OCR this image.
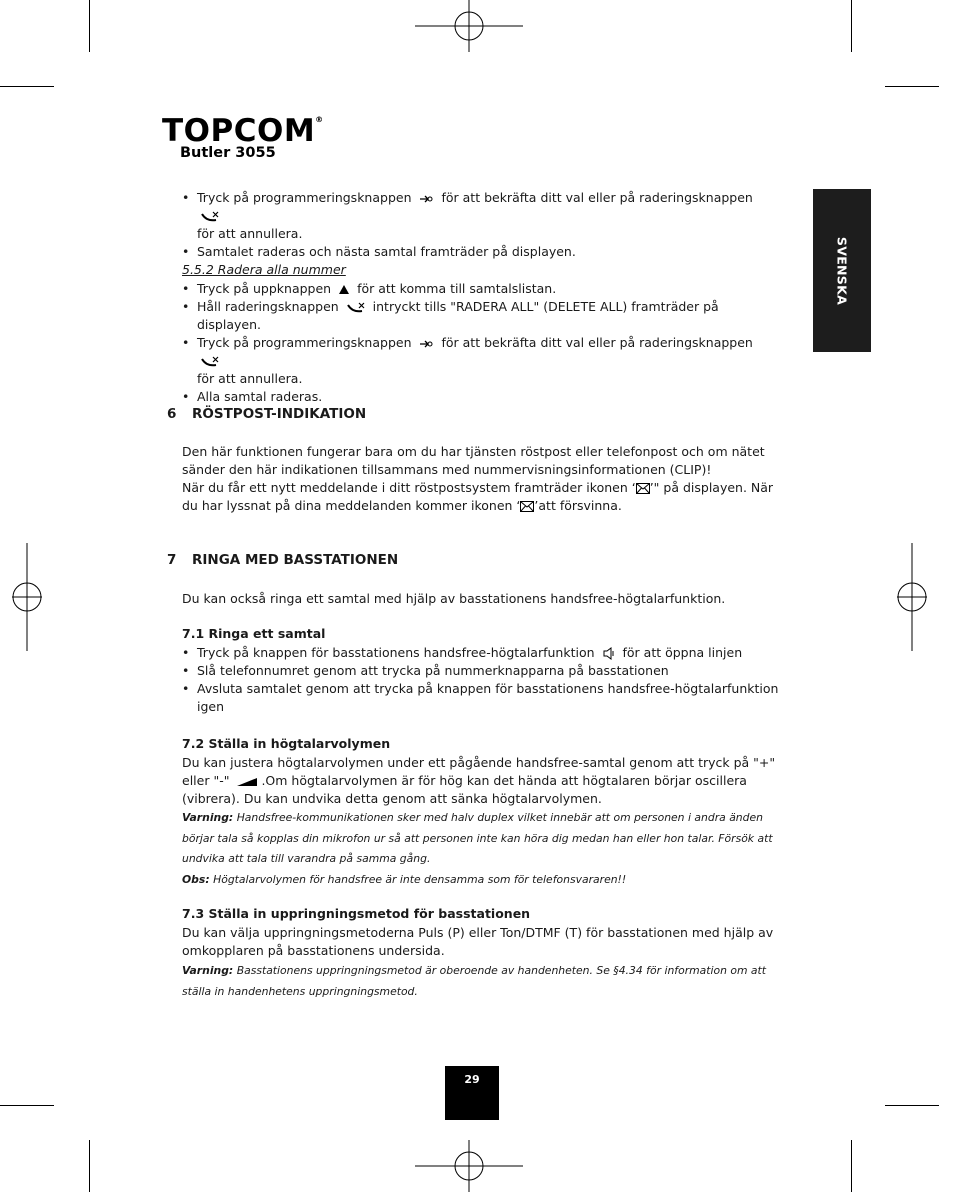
TOPCOM®
Butler 3055
SVENSKA
• Tryck på programmeringsknappen för att bekräfta ditt val eller på raderingsknappen
för att annullera.
• Samtalet raderas och nästa samtal framträder på displayen.
5.5.2 Radera alla nummer
• Tryck på uppknappen för att komma till samtalslistan.
• Håll raderingsknappen	intryckt tills "RADERA ALL" (DELETE ALL) framträder på displayen.
• Tryck på programmeringsknappen för att bekräfta ditt val eller på raderingsknappen
för att annullera.
• Alla samtal raderas.
6 RÖSTPOST-INDIKATION
Den här funktionen fungerar bara om du har tjänsten röstpost eller telefonpost och om nätet sänder den här indikationen tillsammans med nummervisningsinformationen (CLIP)!
När du får ett nytt meddelande i ditt röstpostsystem framträder ikonen ‘ ’" på displayen. När du har lyssnat på dina meddelanden kommer ikonen ‘ ’att försvinna.
7 RINGA MED BASSTATIONEN
Du kan också ringa ett samtal med hjälp av basstationens handsfree-högtalarfunktion.
7.1 Ringa ett samtal
• Tryck på knappen för basstationens handsfree-högtalarfunktion för att öppna linjen
• Slå telefonnumret genom att trycka på nummerknapparna på basstationen
• Avsluta samtalet genom att trycka på knappen för basstationens handsfree-högtalarfunktion igen
7.2 Ställa in högtalarvolymen
Du kan justera högtalarvolymen under ett pågående handsfree-samtal genom att tryck på "+" eller "-"	.Om högtalarvolymen är för hög kan det hända att högtalaren börjar oscillera (vibrera). Du kan undvika detta genom att sänka högtalarvolymen.
Varning: Handsfree-kommunikationen sker med halv duplex vilket innebär att om personen i andra änden börjar tala så kopplas din mikrofon ur så att personen inte kan höra dig medan han eller hon talar. Försök att undvika att tala till varandra på samma gång.
Obs: Högtalarvolymen för handsfree är inte densamma som för telefonsvararen!!
7.3 Ställa in uppringningsmetod för basstationen
Du kan välja uppringningsmetoderna Puls (P) eller Ton/DTMF (T) för basstationen med hjälp av omkopplaren på basstationens undersida.
Varning: Basstationens uppringningsmetod är oberoende av handenheten. Se §4.34 för information om att ställa in handenhetens uppringningsmetod.
29
